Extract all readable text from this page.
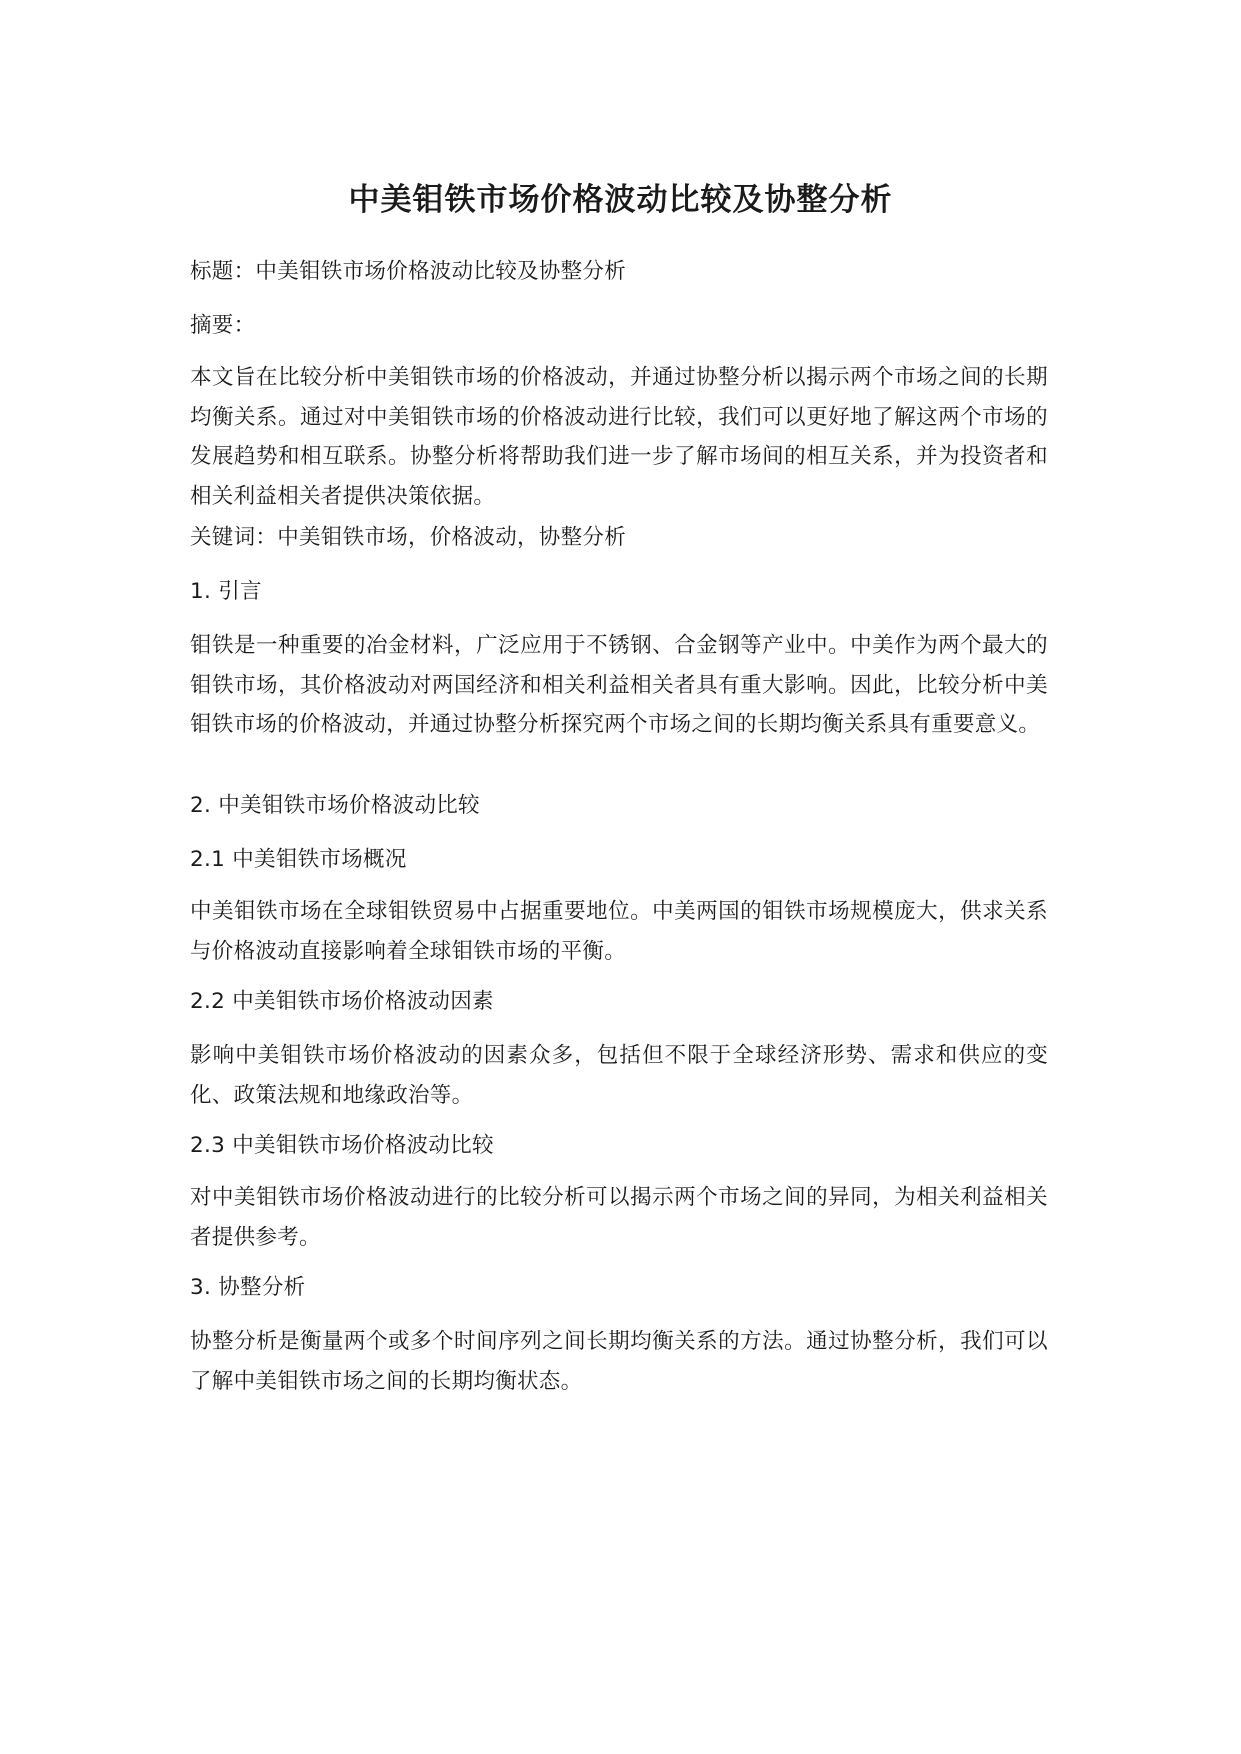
中美钼铁市场价格波动比较及协整分析

标题：中美钼铁市场价格波动比较及协整分析

摘要：

本文旨在比较分析中美钼铁市场的价格波动，并通过协整分析以揭示两个市场之间的长期均衡关系。通过对中美钼铁市场的价格波动进行比较，我们可以更好地了解这两个市场的发展趋势和相互联系。协整分析将帮助我们进一步了解市场间的相互关系，并为投资者和相关利益相关者提供决策依据。

关键词：中美钼铁市场，价格波动，协整分析

1. 引言

钼铁是一种重要的冶金材料，广泛应用于不锈钢、合金钢等产业中。中美作为两个最大的钼铁市场，其价格波动对两国经济和相关利益相关者具有重大影响。因此，比较分析中美钼铁市场的价格波动，并通过协整分析探究两个市场之间的长期均衡关系具有重要意义。

2. 中美钼铁市场价格波动比较

2.1 中美钼铁市场概况

中美钼铁市场在全球钼铁贸易中占据重要地位。中美两国的钼铁市场规模庞大，供求关系与价格波动直接影响着全球钼铁市场的平衡。

2.2 中美钼铁市场价格波动因素

影响中美钼铁市场价格波动的因素众多，包括但不限于全球经济形势、需求和供应的变化、政策法规和地缘政治等。

2.3 中美钼铁市场价格波动比较

对中美钼铁市场价格波动进行的比较分析可以揭示两个市场之间的异同，为相关利益相关者提供参考。

3. 协整分析

协整分析是衡量两个或多个时间序列之间长期均衡关系的方法。通过协整分析，我们可以了解中美钼铁市场之间的长期均衡状态。
